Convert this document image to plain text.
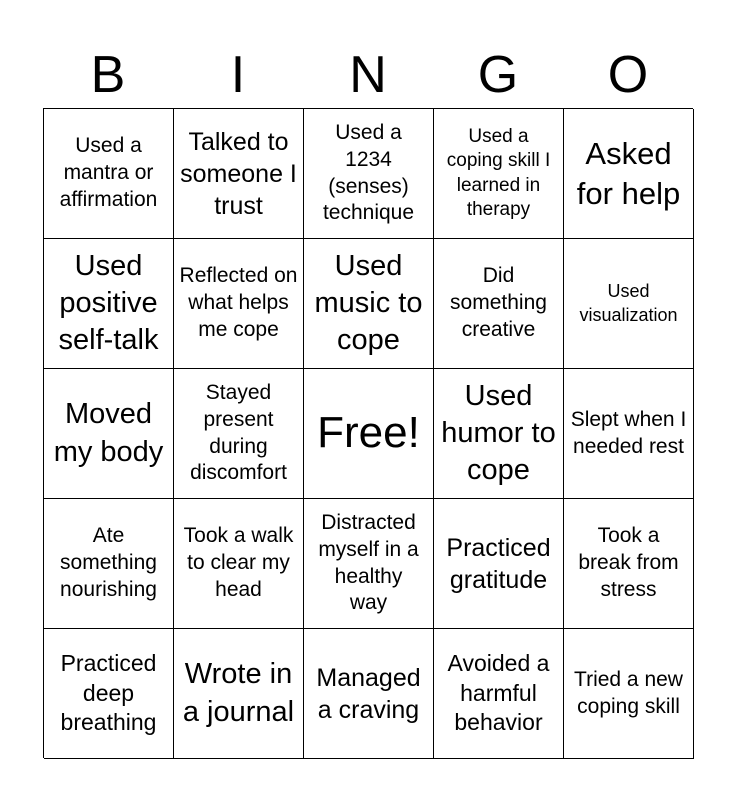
B	I	N	G	O
Used a mantra or affirmation
Talked to someone I trust
Used a 1234 (senses) technique
Used a coping skill I learned in therapy
Asked for help
Used positive self-talk
Reflected on what helps me cope
Used music to cope
Did something creative
Used visualization
Moved my body
Stayed present during discomfort
Free!
Used humor to cope
Slept when I needed rest
Ate something nourishing
Took a walk to clear my head
Distracted myself in a healthy way
Practiced gratitude
Took a break from stress
Practiced deep breathing
Wrote in a journal
Managed a craving
Avoided a harmful behavior
Tried a new coping skill
